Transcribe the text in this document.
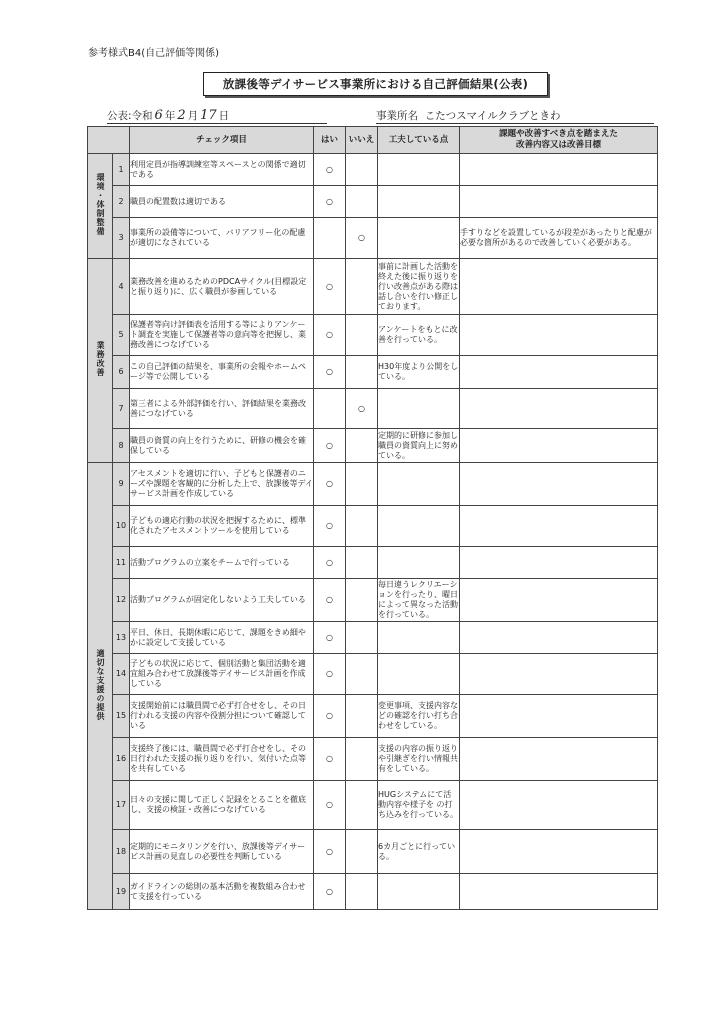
参考様式B4(自己評価等関係)
放課後等デイサービス事業所における自己評価結果(公表)
公表:令和 6 年 2 月 17 日	事業所名 こたつスマイルクラブときわ
		チェック項目	はい	いいえ	工夫している点	課題や改善すべき点を踏まえた
改善内容又は改善目標

環境・体制整備	1	利用定員が指導訓練室等スペースとの関係で適切である	○			
	2	職員の配置数は適切である	○			
	3	事業所の設備等について、バリアフリー化の配慮が適切になされている		○		手すりなどを設置しているが段差があったりと配慮が必要な箇所があるので改善していく必要がある。
業務改善	4	業務改善を進めるためのPDCAサイクル(目標設定と振り返り)に、広く職員が参画している	○		事前に計画した活動を終えた後に振り返りを行い改善点がある際は話し合いを行い修正しております。	
	5	保護者等向け評価表を活用する等によりアンケート調査を実施して保護者等の意向等を把握し、業務改善につなげている	○		アンケートをもとに改善を行っている。	
	6	この自己評価の結果を、事業所の会報やホームページ等で公開している	○		H30年度より公開をしている。	
	7	第三者による外部評価を行い、評価結果を業務改善につなげている		○		
	8	職員の資質の向上を行うために、研修の機会を確保している	○		定期的に研修に参加し職員の資質向上に努めている。	
適切な支援の提供	9	アセスメントを適切に行い、子どもと保護者のニーズや課題を客観的に分析した上で、放課後等デイサービス計画を作成している	○			
	10	子どもの適応行動の状況を把握するために、標準化されたアセスメントツールを使用している	○			
	11	活動プログラムの立案をチームで行っている	○			
	12	活動プログラムが固定化しないよう工夫している	○		毎日違うレクリエーションを行ったり、曜日によって異なった活動を行っている。	
	13	平日、休日、長期休暇に応じて、課題をきめ細やかに設定して支援している	○			
	14	子どもの状況に応じて、個別活動と集団活動を適宜組み合わせて放課後等デイサービス計画を作成している	○			
	15	支援開始前には職員間で必ず打合せをし、その日行われる支援の内容や役割分担について確認している	○		変更事項、支援内容などの確認を行い打ち合わせをしている。	
	16	支援終了後には、職員間で必ず打合せをし、その日行われた支援の振り返りを行い、気付いた点等を共有している	○		支援の内容の振り返りや引継ぎを行い情報共有をしている。	
	17	日々の支援に関して正しく記録をとることを徹底し、支援の検証・改善につなげている	○		HUGシステムにて活動内容や様子を の打ち込みを行っている。	
	18	定期的にモニタリングを行い、放課後等デイサービス計画の見直しの必要性を判断している	○		6カ月ごとに行っている。	
	19	ガイドラインの総則の基本活動を複数組み合わせて支援を行っている	○			
